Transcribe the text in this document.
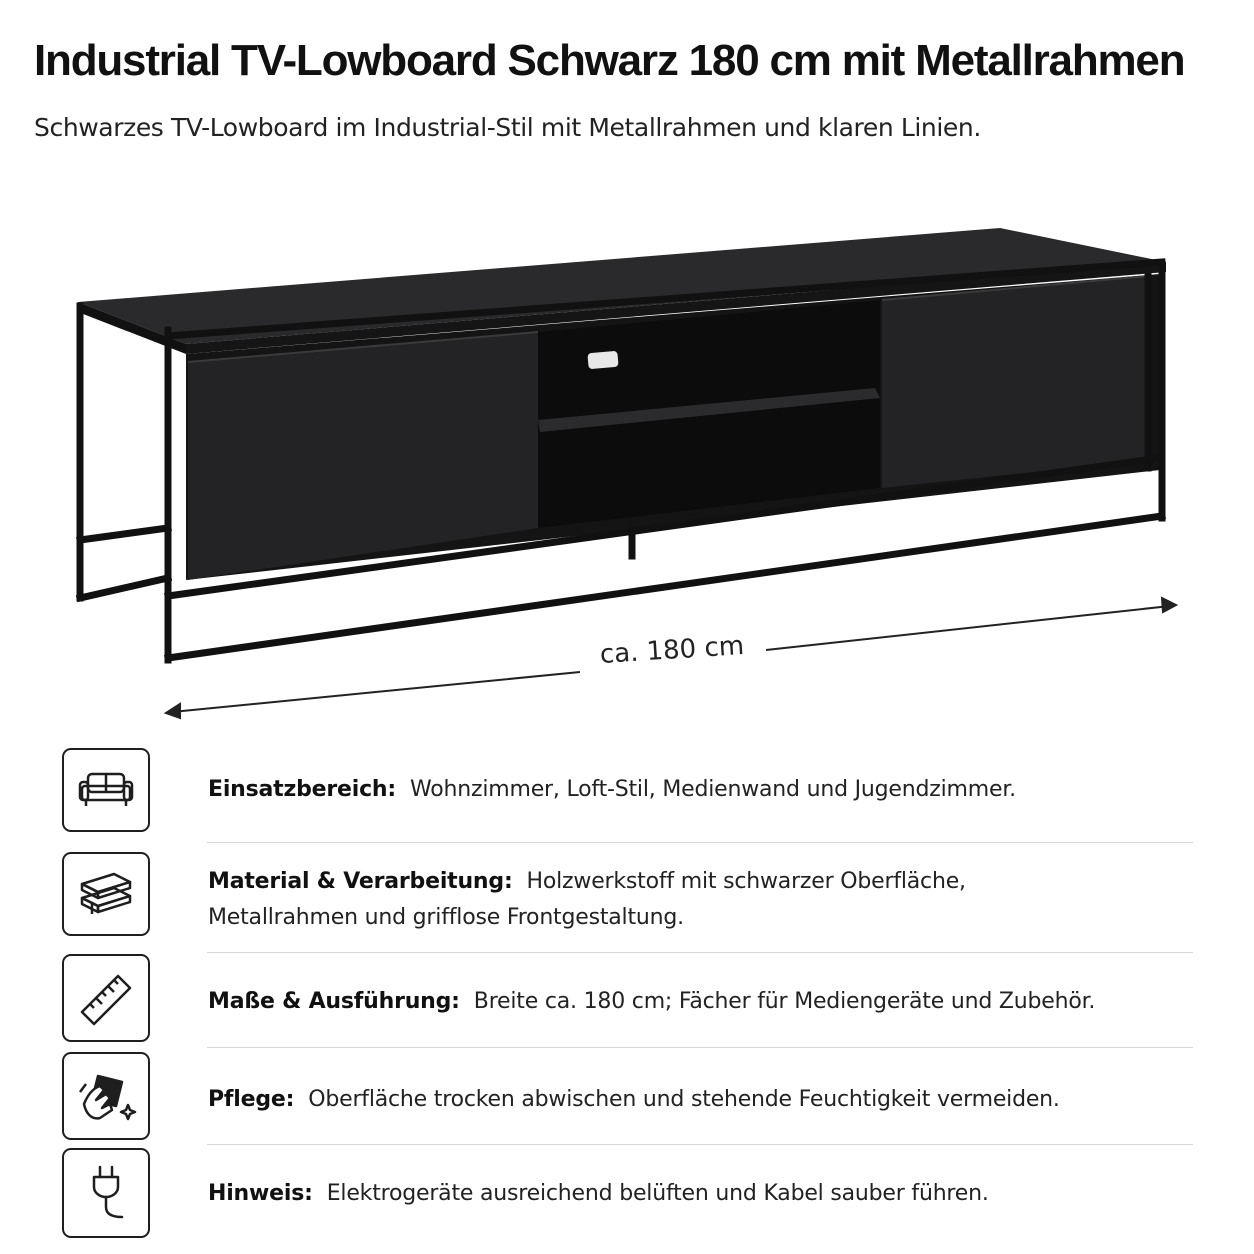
Industrial TV-Lowboard Schwarz 180 cm mit Metallrahmen
Schwarzes TV-Lowboard im Industrial-Stil mit Metallrahmen und klaren Linien.
ca. 180 cm
Einsatzbereich: Wohnzimmer, Loft-Stil, Medienwand und Jugendzimmer.
Material & Verarbeitung: Holzwerkstoff mit schwarzer Oberfläche,
Metallrahmen und grifflose Frontgestaltung.
Maße & Ausführung: Breite ca. 180 cm; Fächer für Mediengeräte und Zubehör.
Pflege: Oberfläche trocken abwischen und stehende Feuchtigkeit vermeiden.
Hinweis: Elektrogeräte ausreichend belüften und Kabel sauber führen.
